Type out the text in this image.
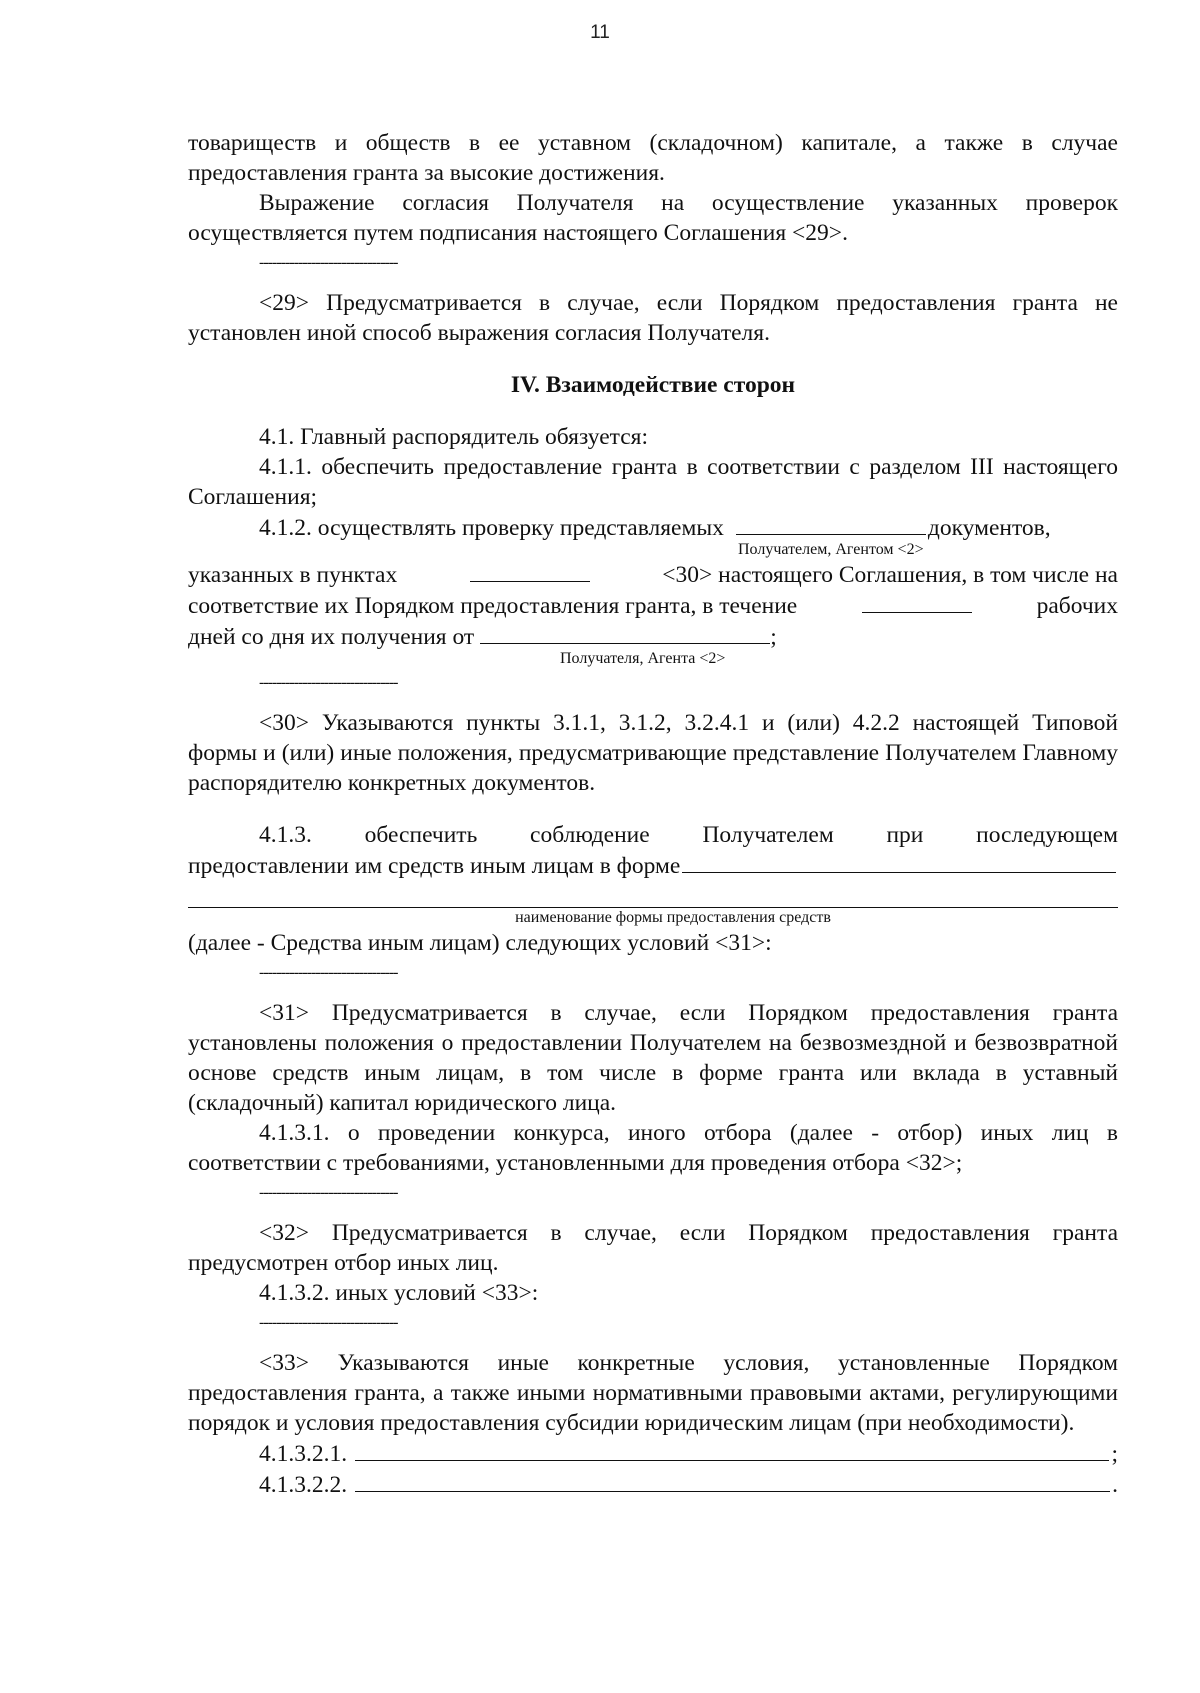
11

товариществ и обществ в ее уставном (складочном) капитале, а также в случае

предоставления гранта за высокие достижения.

Выражение согласия Получателя на осуществление указанных проверок осуществляется путем подписания настоящего Соглашения <29>.

--------------------------------

<29> Предусматривается в случае, если Порядком предоставления гранта не установлен иной способ выражения согласия Получателя.

IV. Взаимодействие сторон

4.1. Главный распорядитель обязуется:

4.1.1. обеспечить предоставление гранта в соответствии с разделом III настоящего Соглашения;

4.1.2. осуществлять проверку представляемых	документов,
Получателем, Агентом <2>
указанных в пунктах	<30> настоящего Соглашения, в том числе на
соответствие их Порядком предоставления гранта, в течение	рабочих
дней со дня их получения от	;
Получателя, Агента <2>
--------------------------------

<30> Указываются пункты 3.1.1, 3.1.2, 3.2.4.1 и (или) 4.2.2 настоящей Типовой формы и (или) иные положения, предусматривающие представление Получателем Главному распорядителю конкретных документов.

4.1.3. обеспечить соблюдение Получателем при последующем

предоставлении им средств иным лицам в форме
наименование формы предоставления средств

(далее - Средства иным лицам) следующих условий <31>:

--------------------------------

<31> Предусматривается в случае, если Порядком предоставления гранта установлены положения о предоставлении Получателем на безвозмездной и безвозвратной основе средств иным лицам, в том числе в форме гранта или вклада в уставный (складочный) капитал юридического лица.

4.1.3.1. о проведении конкурса, иного отбора (далее - отбор) иных лиц в соответствии с требованиями, установленными для проведения отбора <32>;

--------------------------------

<32> Предусматривается в случае, если Порядком предоставления гранта предусмотрен отбор иных лиц.

4.1.3.2. иных условий <33>:

--------------------------------

<33> Указываются иные конкретные условия, установленные Порядком предоставления гранта, а также иными нормативными правовыми актами, регулирующими порядок и условия предоставления субсидии юридическим лицам (при необходимости).

4.1.3.2.1.	;
4.1.3.2.2.	.
